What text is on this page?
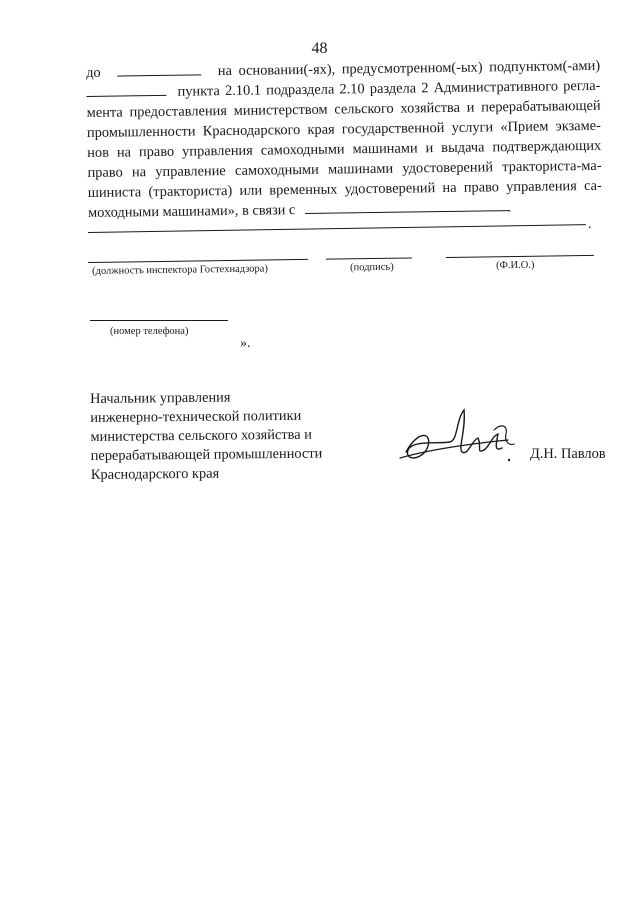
48
до	на основании(-ях), предусмотренном(-ых) подпунктом(-ами)
пункта 2.10.1 подраздела 2.10 раздела 2 Административного регла-
мента предоставления министерством сельского хозяйства и перерабатывающей
промышленности Краснодарского края государственной услуги «Прием экзаме-
нов на право управления самоходными машинами и выдача подтверждающих
право на управление самоходными машинами удостоверений тракториста-ма-
шиниста (тракториста) или временных удостоверений на право управления са-
моходными машинами», в связи с
.
(должность инспектора Гостехнадзора)	(подпись)	(Ф.И.О.)
(номер телефона)
».
Начальник управления
инженерно-технической политики
министерства сельского хозяйства и
перерабатывающей промышленности
Краснодарского края
Д.Н. Павлов
